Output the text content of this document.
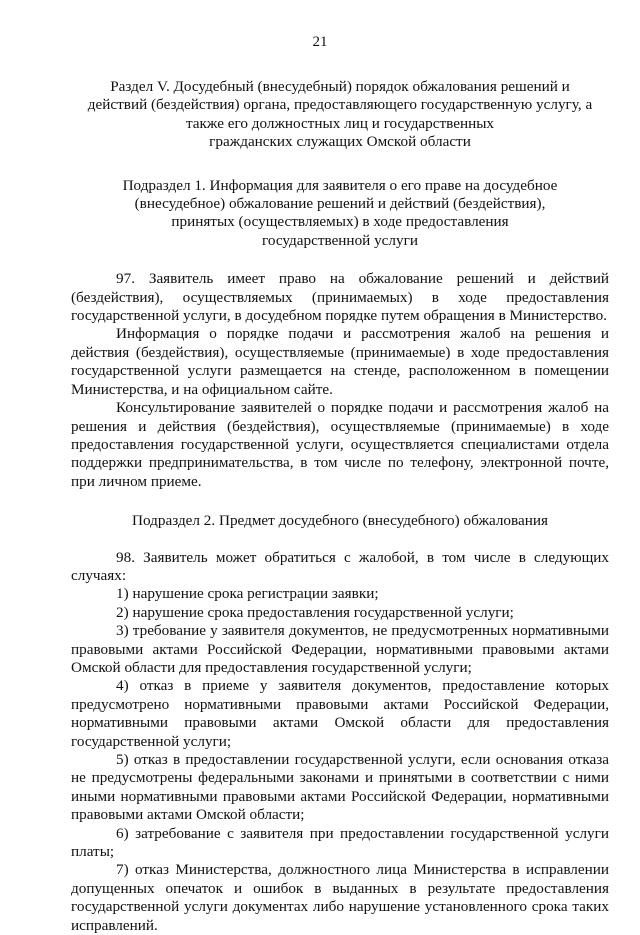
21

Раздел V. Досудебный (внесудебный) порядок обжалования решений и
действий (бездействия) органа, предоставляющего государственную услугу, а
также его должностных лиц и государственных
гражданских служащих Омской области

Подраздел 1. Информация для заявителя о его праве на досудебное
(внесудебное) обжалование решений и действий (бездействия),
принятых (осуществляемых) в ходе предоставления
государственной услуги

97. Заявитель имеет право на обжалование решений и действий (бездействия), осуществляемых (принимаемых) в ходе предоставления государственной услуги, в досудебном порядке путем обращения в Министерство.

Информация о порядке подачи и рассмотрения жалоб на решения и действия (бездействия), осуществляемые (принимаемые) в ходе предоставления государственной услуги размещается на стенде, расположенном в помещении Министерства, и на официальном сайте.

Консультирование заявителей о порядке подачи и рассмотрения жалоб на решения и действия (бездействия), осуществляемые (принимаемые) в ходе предоставления государственной услуги, осуществляется специалистами отдела поддержки предпринимательства, в том числе по телефону, электронной почте, при личном приеме.

Подраздел 2. Предмет досудебного (внесудебного) обжалования

98. Заявитель может обратиться с жалобой, в том числе в следующих случаях:

1) нарушение срока регистрации заявки;

2) нарушение срока предоставления государственной услуги;

3) требование у заявителя документов, не предусмотренных нормативными правовыми актами Российской Федерации, нормативными правовыми актами Омской области для предоставления государственной услуги;

4) отказ в приеме у заявителя документов, предоставление которых предусмотрено нормативными правовыми актами Российской Федерации, нормативными правовыми актами Омской области для предоставления государственной услуги;

5) отказ в предоставлении государственной услуги, если основания отказа не предусмотрены федеральными законами и принятыми в соответствии с ними иными нормативными правовыми актами Российской Федерации, нормативными правовыми актами Омской области;

6) затребование с заявителя при предоставлении государственной услуги платы;

7) отказ Министерства, должностного лица Министерства в исправлении допущенных опечаток и ошибок в выданных в результате предоставления государственной услуги документах либо нарушение установленного срока таких исправлений.
